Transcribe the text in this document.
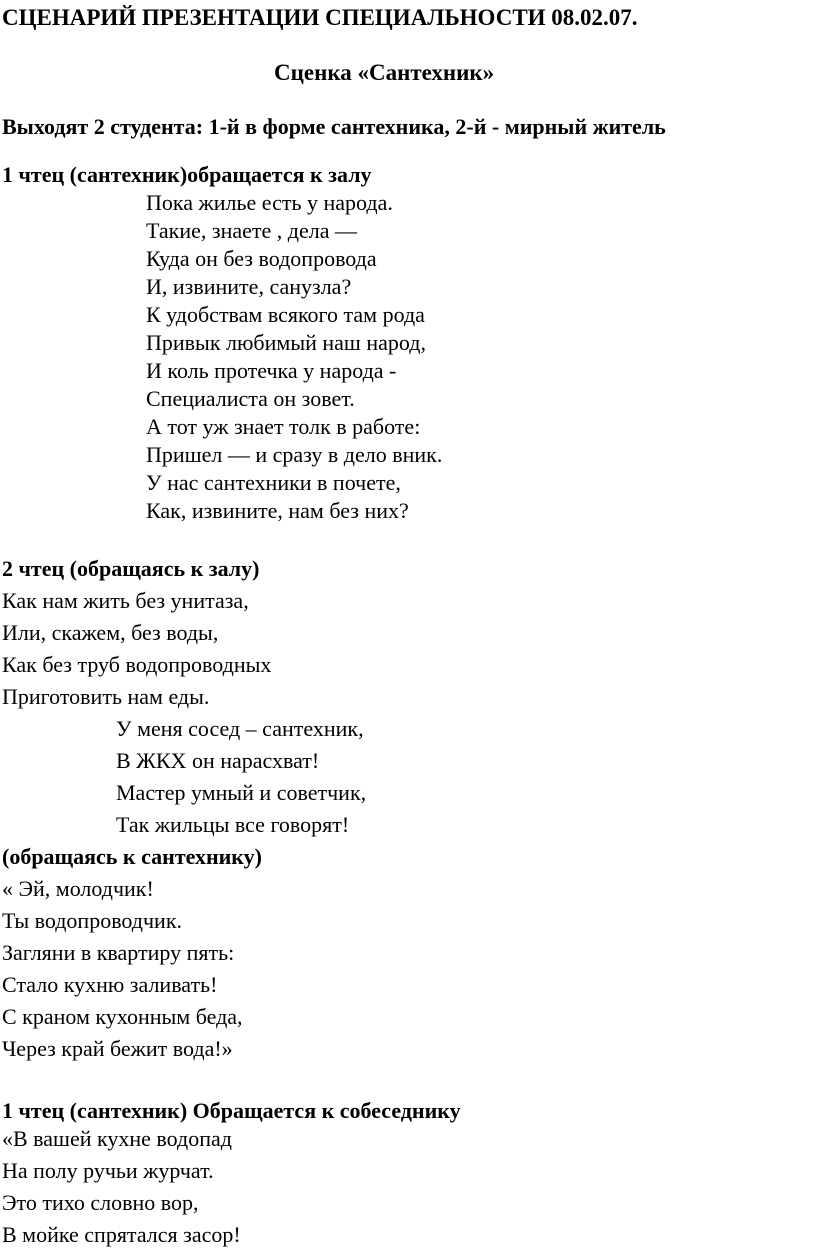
СЦЕНАРИЙ ПРЕЗЕНТАЦИИ СПЕЦИАЛЬНОСТИ 08.02.07.
Сценка «Сантехник»
Выходят 2 студента: 1-й в форме сантехника, 2-й - мирный житель
1 чтец (сантехник)обращается к залу
Пока жилье есть у народа.
Такие, знаете , дела —
Куда он без водопровода
И, извините, санузла?
К удобствам всякого там рода
Привык любимый наш народ,
И коль протечка у народа -
Специалиста он зовет.
А тот уж знает толк в работе:
Пришел — и сразу в дело вник.
У нас сантехники в почете,
Как, извините, нам без них?
2 чтец (обращаясь к залу)
Как нам жить без унитаза,
Или, скажем, без воды,
Как без труб водопроводных
Приготовить нам еды.
У меня сосед – сантехник,
В ЖКХ он нарасхват!
Мастер умный и советчик,
Так жильцы все говорят!
(обращаясь к сантехнику)
« Эй, молодчик!
Ты водопроводчик.
Загляни в квартиру пять:
Стало кухню заливать!
С краном кухонным беда,
Через край бежит вода!»
1 чтец (сантехник) Обращается к собеседнику
«В вашей кухне водопад
На полу ручьи журчат.
Это тихо словно вор,
В мойке спрятался засор!
